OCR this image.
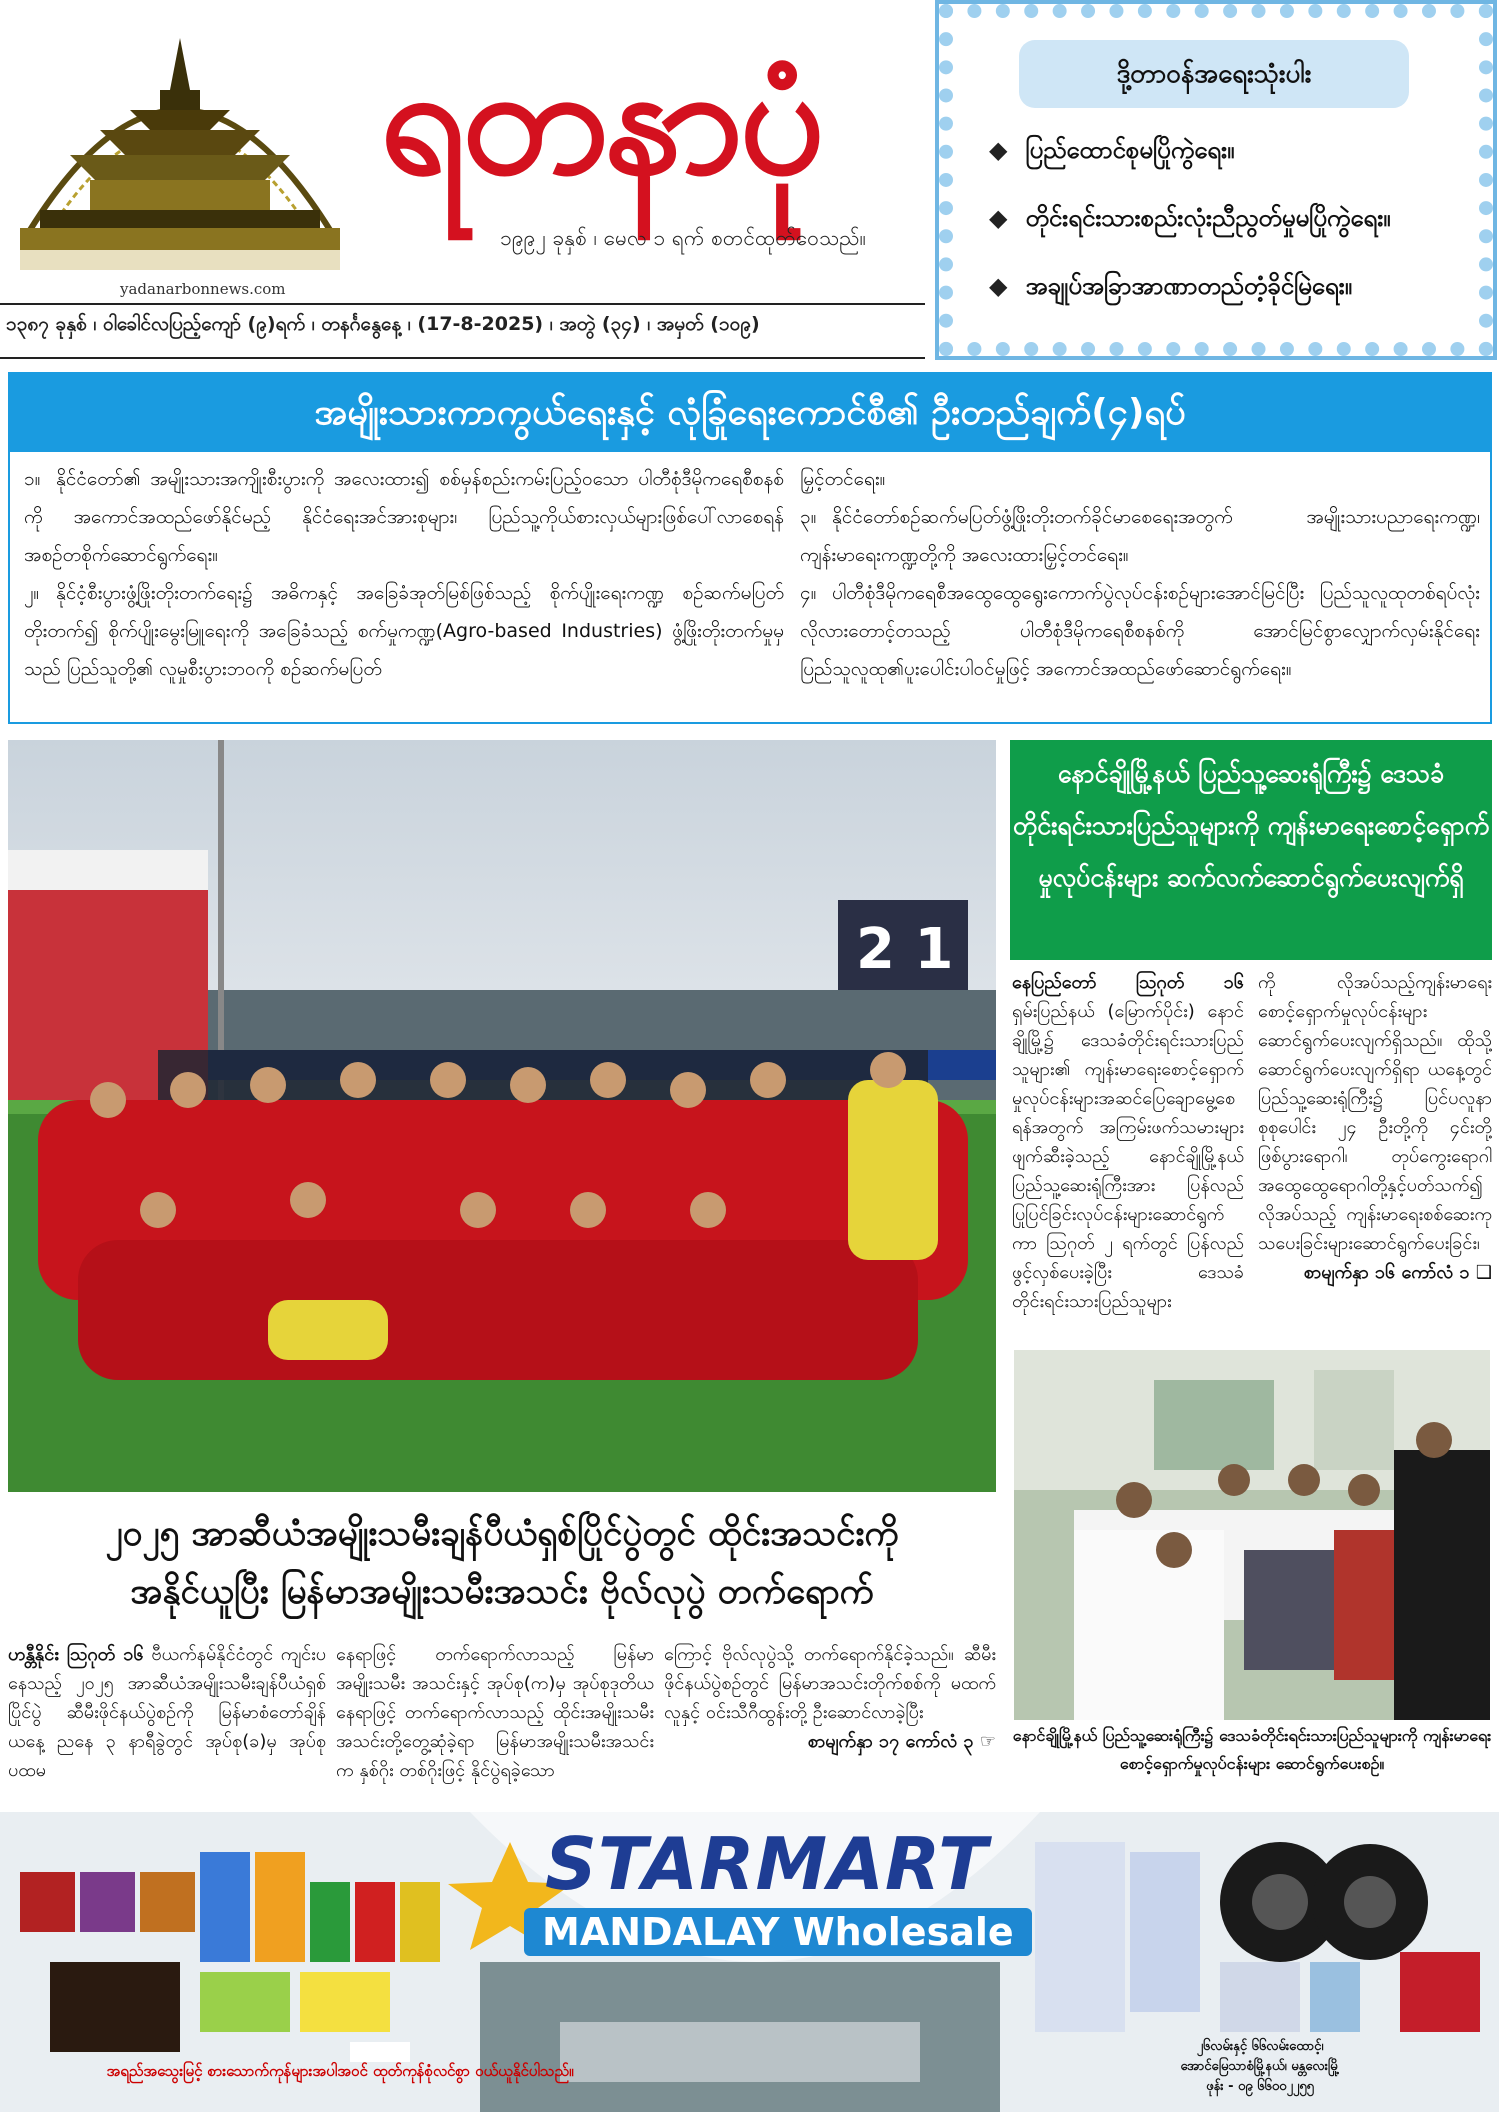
yadanarbonnews.com
ရတနာပုံ
၁၉၉၂ ခုနှစ် ၊ မေလ ၁ ရက် စတင်ထုတ်ဝေသည်။
၁၃၈၇ ခုနှစ် ၊ ဝါခေါင်လပြည့်ကျော် (၉)ရက် ၊ တနင်္ဂနွေနေ့ ၊ (17-8-2025) ၊ အတွဲ (၃၄) ၊ အမှတ် (၁၀၉)
ဒို့တာဝန်အရေးသုံးပါး
◆ ပြည်ထောင်စုမပြိုကွဲရေး။
◆ တိုင်းရင်းသားစည်းလုံးညီညွတ်မှုမပြိုကွဲရေး။
◆ အချုပ်အခြာအာဏာတည်တံ့ခိုင်မြဲရေး။
အမျိုးသားကာကွယ်ရေးနှင့် လုံခြုံရေးကောင်စီ၏ ဦးတည်ချက်(၄)ရပ်

၁။ နိုင်ငံတော်၏ အမျိုးသားအကျိုးစီးပွားကို အလေးထား၍ စစ်မှန်စည်းကမ်းပြည့်ဝသော ပါတီစုံဒီမိုကရေစီစနစ်ကို အကောင်အထည်ဖော်နိုင်မည့် နိုင်ငံရေးအင်အားစုများ၊ ပြည်သူ့ကိုယ်စားလှယ်များဖြစ်ပေါ်လာစေရန် အစဉ်တစိုက်ဆောင်ရွက်ရေး။

၂။ နိုင်ငံ့စီးပွားဖွံ့ဖြိုးတိုးတက်ရေး၌ အဓိကနှင့် အခြေခံအုတ်မြစ်ဖြစ်သည့် စိုက်ပျိုးရေးကဏ္ဍ စဉ်ဆက်မပြတ်တိုးတက်၍ စိုက်ပျိုးမွေးမြူရေးကို အခြေခံသည့် စက်မှုကဏ္ဍ(Agro-based Industries) ဖွံ့ဖြိုးတိုးတက်မှုမှသည် ပြည်သူတို့၏ လူမှုစီးပွားဘဝကို စဉ်ဆက်မပြတ်

မြှင့်တင်ရေး။

၃။ နိုင်ငံတော်စဉ်ဆက်မပြတ်ဖွံ့ဖြိုးတိုးတက်ခိုင်မာစေရေးအတွက် အမျိုးသားပညာရေးကဏ္ဍ၊ ကျန်းမာရေးကဏ္ဍတို့ကို အလေးထားမြှင့်တင်ရေး။

၄။ ပါတီစုံဒီမိုကရေစီအထွေထွေရွေးကောက်ပွဲလုပ်ငန်းစဉ်များအောင်မြင်ပြီး ပြည်သူလူထုတစ်ရပ်လုံး လိုလားတောင့်တသည့် ပါတီစုံဒီမိုကရေစီစနစ်ကို အောင်မြင်စွာလျှောက်လှမ်းနိုင်ရေး ပြည်သူလူထု၏ပူးပေါင်းပါဝင်မှုဖြင့် အကောင်အထည်ဖော်ဆောင်ရွက်ရေး။

2 1
၂၀၂၅ အာဆီယံအမျိုးသမီးချန်ပီယံရှစ်ပြိုင်ပွဲတွင် ထိုင်းအသင်းကို
အနိုင်ယူပြီး မြန်မာအမျိုးသမီးအသင်း ဗိုလ်လုပွဲ တက်ရောက်
ဟန္တီနိုင်း ဩဂုတ် ၁၆ ဗီယက်နမ်နိုင်ငံတွင် ကျင်းပနေသည့် ၂၀၂၅ အာဆီယံအမျိုးသမီးချန်ပီယံရှစ်ပြိုင်ပွဲ ဆီမီးဖိုင်နယ်ပွဲစဉ်ကို မြန်မာစံတော်ချိန် ယနေ့ ညနေ ၃ နာရီခွဲတွင် အုပ်စု(ခ)မှ အုပ်စုပထမ
နေရာဖြင့် တက်ရောက်လာသည့် မြန်မာအမျိုးသမီး အသင်းနှင့် အုပ်စု(က)မှ အုပ်စုဒုတိယ နေရာဖြင့် တက်ရောက်လာသည့် ထိုင်းအမျိုးသမီးအသင်းတို့တွေ့ဆုံခဲ့ရာ မြန်မာအမျိုးသမီးအသင်းက နှစ်ဂိုး တစ်ဂိုးဖြင့် နိုင်ပွဲရခဲ့သော
ကြောင့် ဗိုလ်လုပွဲသို့ တက်ရောက်နိုင်ခဲ့သည်။ ဆီမီးဖိုင်နယ်ပွဲစဉ်တွင် မြန်မာအသင်းတိုက်စစ်ကို မထက်လူနှင့် ဝင်းသီဂီထွန်းတို့ ဦးဆောင်လာခဲ့ပြီး
စာမျက်နှာ ၁၇ ကော်လံ ၃ ☞
နောင်ချိုမြို့နယ် ပြည်သူ့ဆေးရုံကြီး၌ ဒေသခံတိုင်းရင်းသားပြည်သူများကို ကျန်းမာရေးစောင့်ရှောက်မှုလုပ်ငန်းများ ဆက်လက်ဆောင်ရွက်ပေးလျက်ရှိ
နေပြည်တော် ဩဂုတ် ၁၆ ရှမ်းပြည်နယ် (မြောက်ပိုင်း) နောင်ချိုမြို့၌ ဒေသခံတိုင်းရင်းသားပြည်သူများ၏ ကျန်းမာရေးစောင့်ရှောက်မှုလုပ်ငန်းများအဆင်ပြေချောမွေ့စေရန်အတွက် အကြမ်းဖက်သမားများ ဖျက်ဆီးခဲ့သည့် နောင်ချိုမြို့နယ် ပြည်သူ့ဆေးရုံကြီးအား ပြန်လည်ပြုပြင်ခြင်းလုပ်ငန်းများဆောင်ရွက်ကာ ဩဂုတ် ၂ ရက်တွင် ပြန်လည်ဖွင့်လှစ်ပေးခဲ့ပြီး ဒေသခံတိုင်းရင်းသားပြည်သူများ
ကို လိုအပ်သည့်ကျန်းမာရေးစောင့်ရှောက်မှုလုပ်ငန်းများ ဆောင်ရွက်ပေးလျက်ရှိသည်။ ထိုသို့ ဆောင်ရွက်ပေးလျက်ရှိရာ ယနေ့တွင် ပြည်သူ့ဆေးရုံကြီး၌ ပြင်ပလူနာစုစုပေါင်း ၂၄ ဦးတို့ကို ၄င်းတို့ဖြစ်ပွားရောဂါ၊ တုပ်ကွေးရောဂါ အထွေထွေရောဂါတို့နှင့်ပတ်သက်၍ လိုအပ်သည့် ကျန်းမာရေးစစ်ဆေးကုသပေးခြင်းများဆောင်ရွက်ပေးခြင်း၊
စာမျက်နှာ ၁၆ ကော်လံ ၁ ❑
နောင်ချိုမြို့နယ် ပြည်သူ့ဆေးရုံကြီး၌ ဒေသခံတိုင်းရင်းသားပြည်သူများကို ကျန်းမာရေးစောင့်ရှောက်မှုလုပ်ငန်းများ ဆောင်ရွက်ပေးစဉ်။
STARMART
MANDALAY Wholesale
အရည်အသွေးမြင့် စားသောက်ကုန်များအပါအဝင် ထုတ်ကုန်စုံလင်စွာ ဝယ်ယူနိုင်ပါသည်။
၂၆လမ်းနှင့် ၆၆လမ်းထောင့်၊
အောင်မြေသာစံမြို့နယ်၊ မန္တလေးမြို့
ဖုန်း - ၀၉ ၆၆၀၀၂၂၅၅
